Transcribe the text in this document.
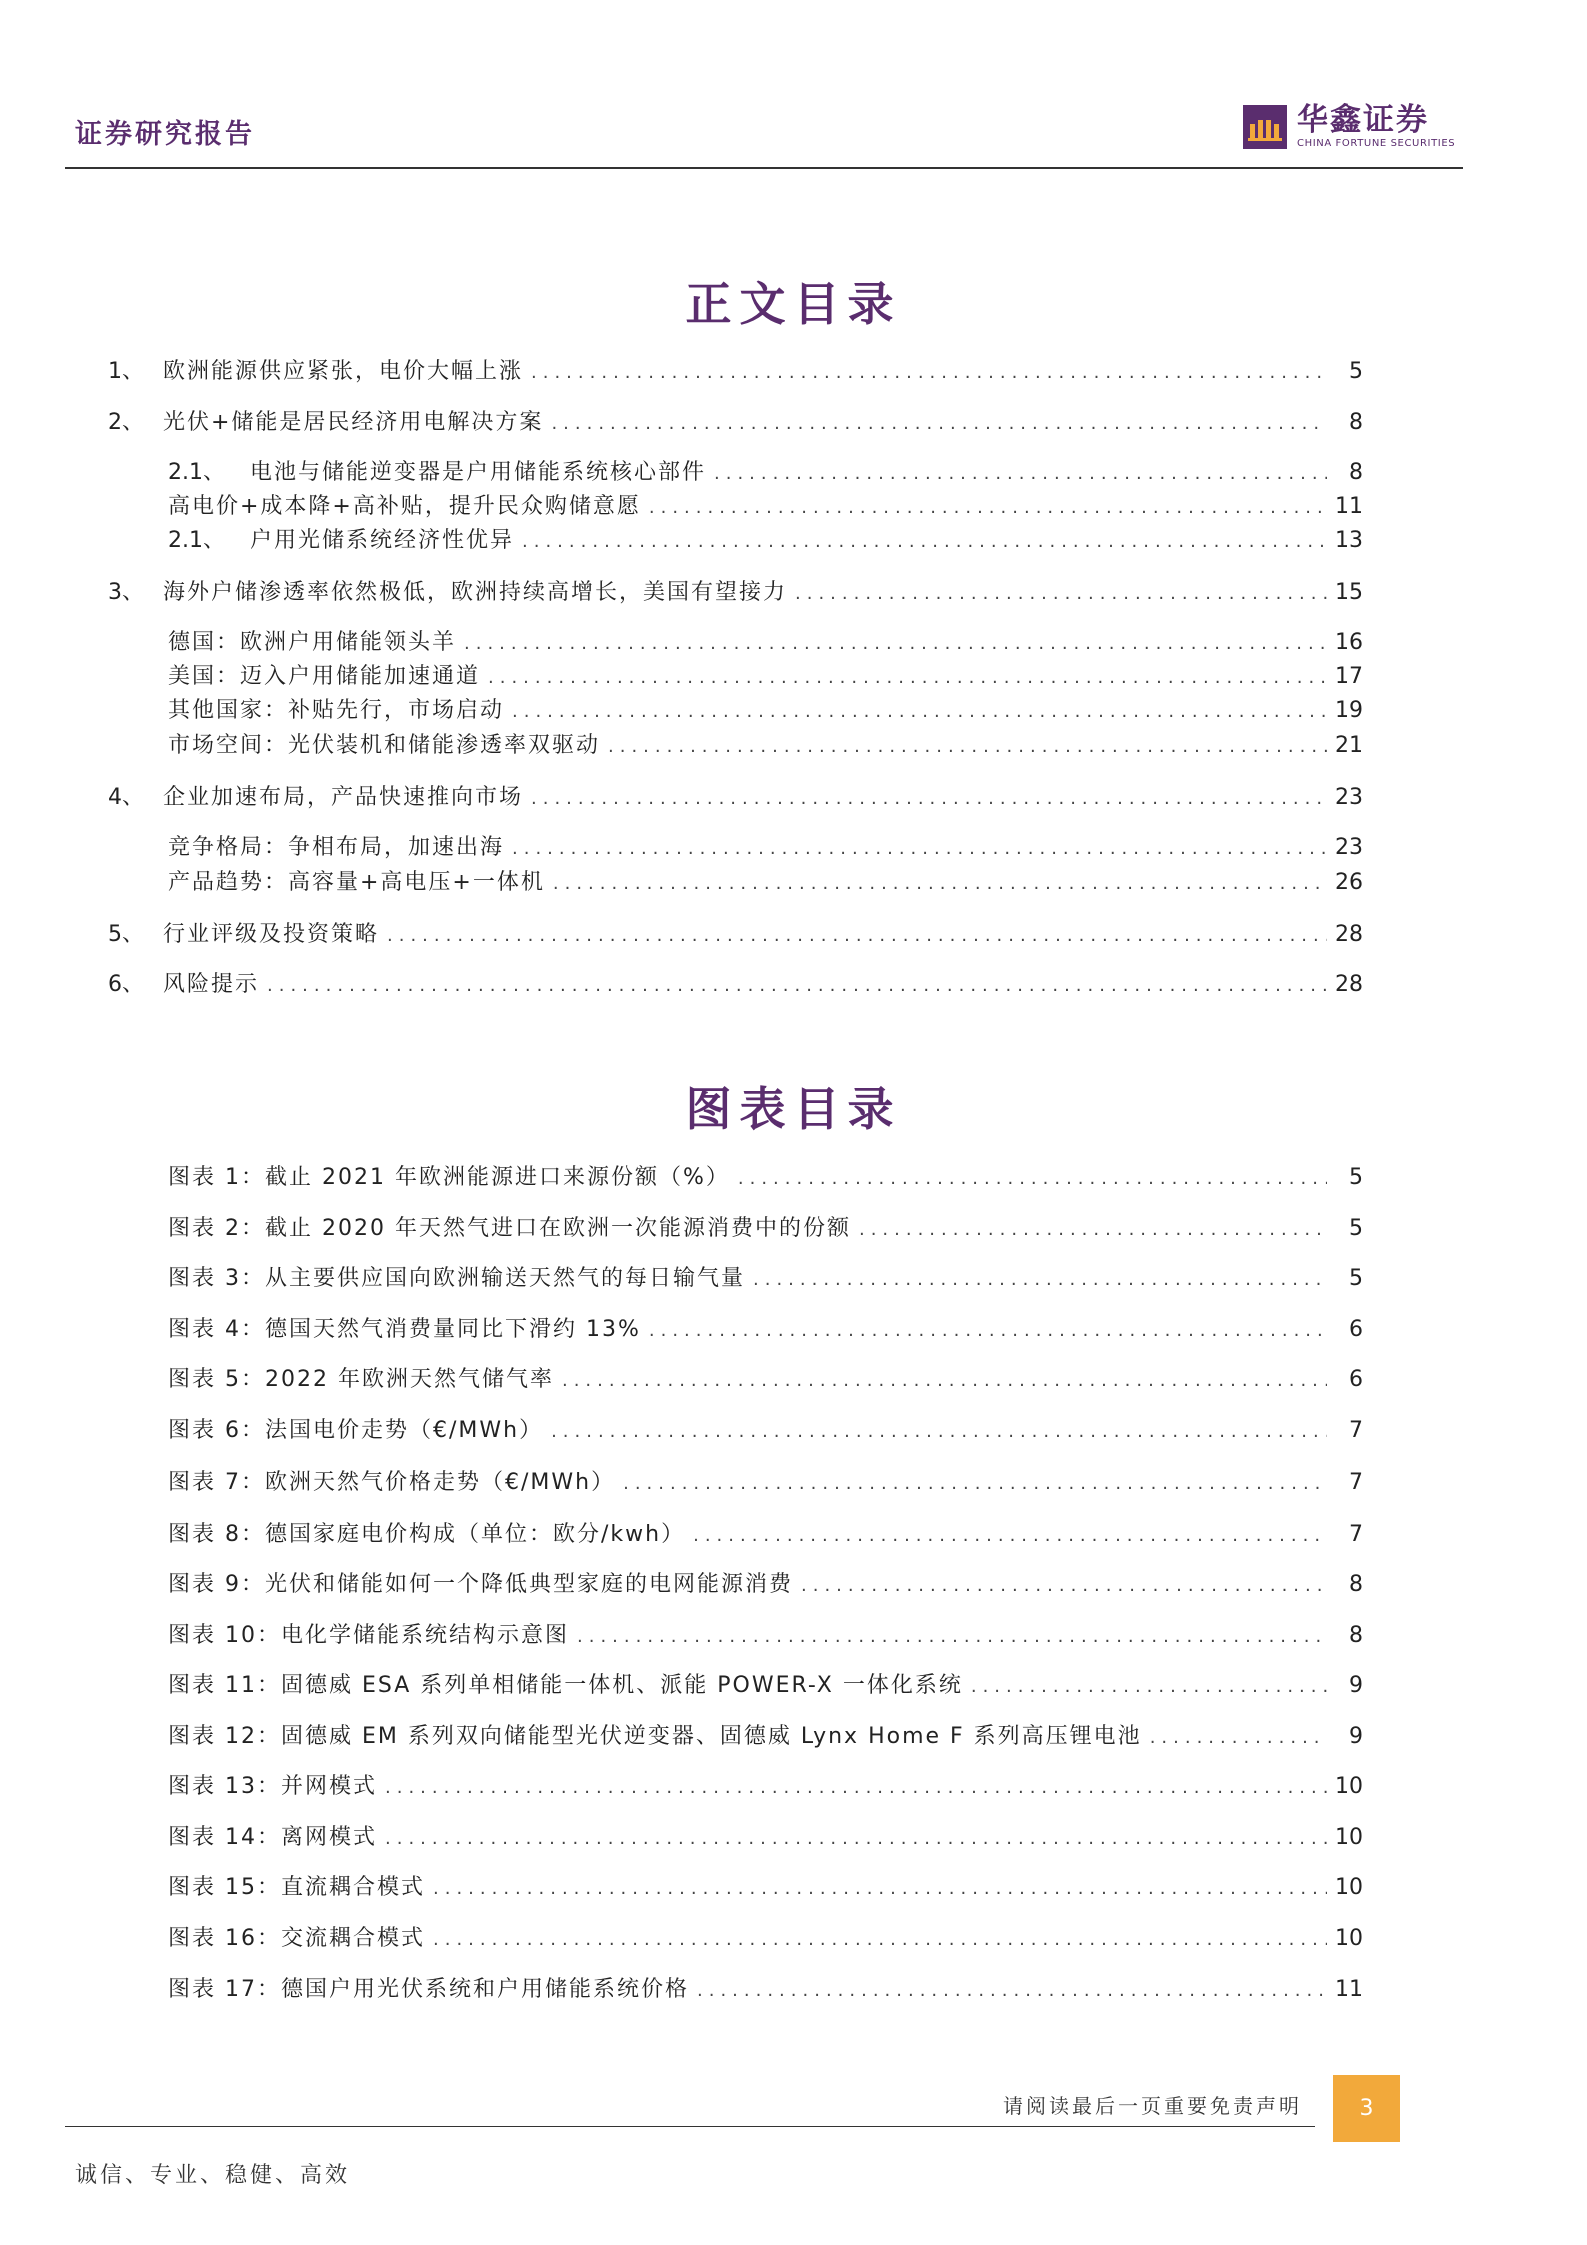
证券研究报告	华鑫证券
CHINA FORTUNE SECURITIES
正文目录
1、 欧洲能源供应紧张，电价大幅上涨 .....	5
2、 光伏+储能是居民经济用电解决方案 .....	8
2.1、	电池与储能逆变器是户用储能系统核心部件 .....	8
高电价+成本降+高补贴，提升民众购储意愿 .....	11
2.1、	户用光储系统经济性优异 .....	13
3、 海外户储渗透率依然极低，欧洲持续高增长，美国有望接力 .....	15
德国：欧洲户用储能领头羊 .....	16
美国：迈入户用储能加速通道 .....	17
其他国家：补贴先行，市场启动 .....	19
市场空间：光伏装机和储能渗透率双驱动 .....	21
4、 企业加速布局，产品快速推向市场 .....	23
竞争格局：争相布局，加速出海 .....	23
产品趋势：高容量+高电压+一体机 .....	26
5、 行业评级及投资策略 .....	28
6、 风险提示 .....	28
图表目录
图表 1：截止 2021 年欧洲能源进口来源份额（%） .....	5
图表 2：截止 2020 年天然气进口在欧洲一次能源消费中的份额 .....	5
图表 3：从主要供应国向欧洲输送天然气的每日输气量 .....	5
图表 4：德国天然气消费量同比下滑约 13% .....	6
图表 5：2022 年欧洲天然气储气率 .....	6
图表 6：法国电价走势（€/MWh） .....	7
图表 7：欧洲天然气价格走势（€/MWh） .....	7
图表 8：德国家庭电价构成（单位：欧分/kwh） .....	7
图表 9：光伏和储能如何一个降低典型家庭的电网能源消费 .....	8
图表 10：电化学储能系统结构示意图 .....	8
图表 11：固德威 ESA 系列单相储能一体机、派能 POWER-X 一体化系统 .....	9
图表 12：固德威 EM 系列双向储能型光伏逆变器、固德威 Lynx Home F 系列高压锂电池 .....	9
图表 13：并网模式 .....	10
图表 14：离网模式 .....	10
图表 15：直流耦合模式 .....	10
图表 16：交流耦合模式 .....	10
图表 17：德国户用光伏系统和户用储能系统价格 .....	11
请阅读最后一页重要免责声明	3
诚信、专业、稳健、高效
